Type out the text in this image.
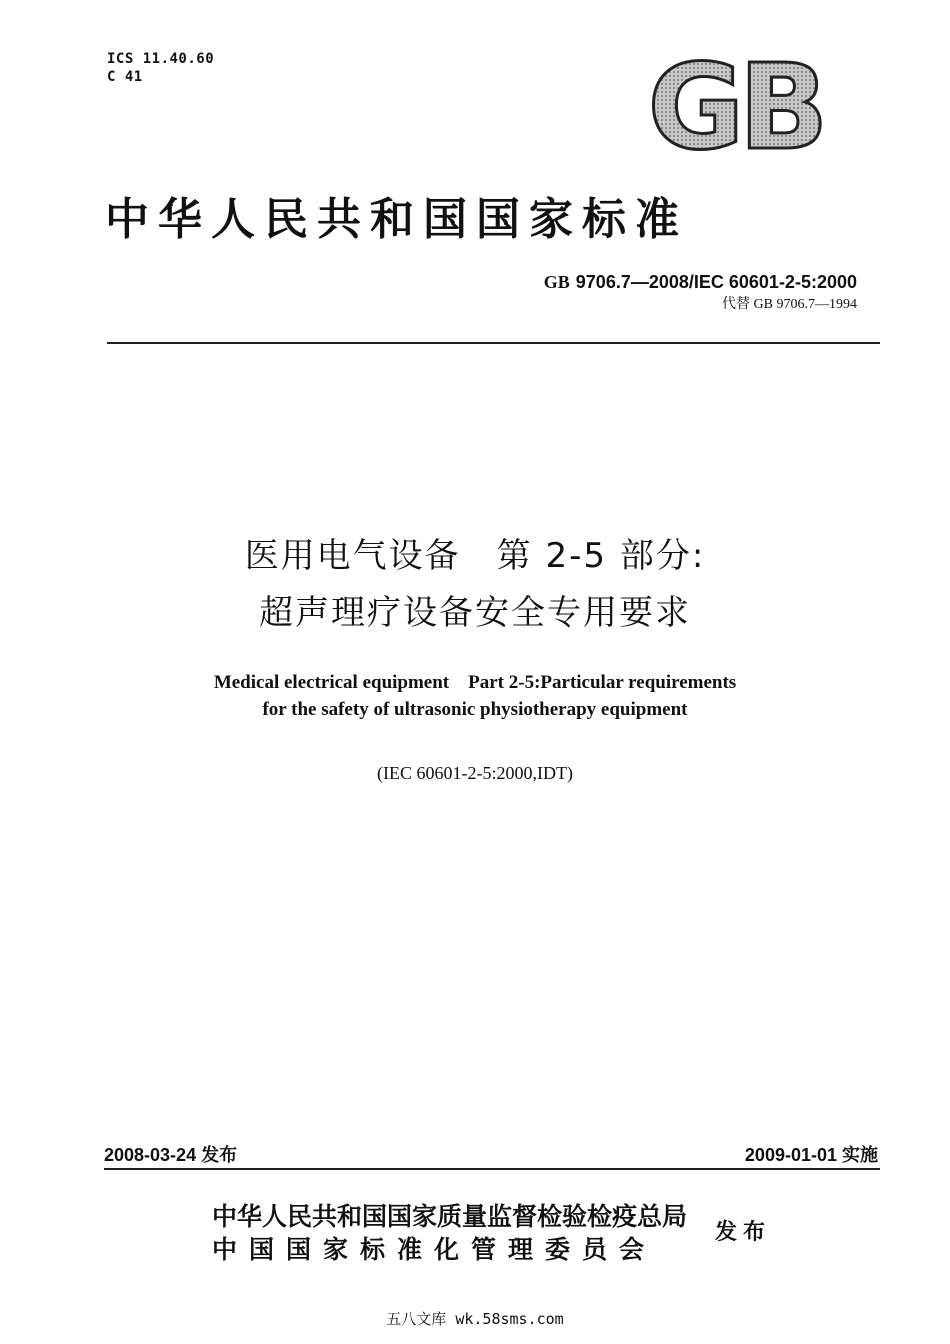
ICS 11.40.60
C 41	GB
中华人民共和国国家标准
GB 9706.7—2008/IEC 60601-2-5:2000
代替 GB 9706.7—1994
医用电气设备　第 2-5 部分:
超声理疗设备安全专用要求
Medical electrical equipment　Part 2-5:Particular requirements
for the safety of ultrasonic physiotherapy equipment
(IEC 60601-2-5:2000,IDT)
2008-03-24 发布	2009-01-01 实施
中华人民共和国国家质量监督检验检疫总局
中国国家标准化管理委员会
发布
五八文库 wk.58sms.com
